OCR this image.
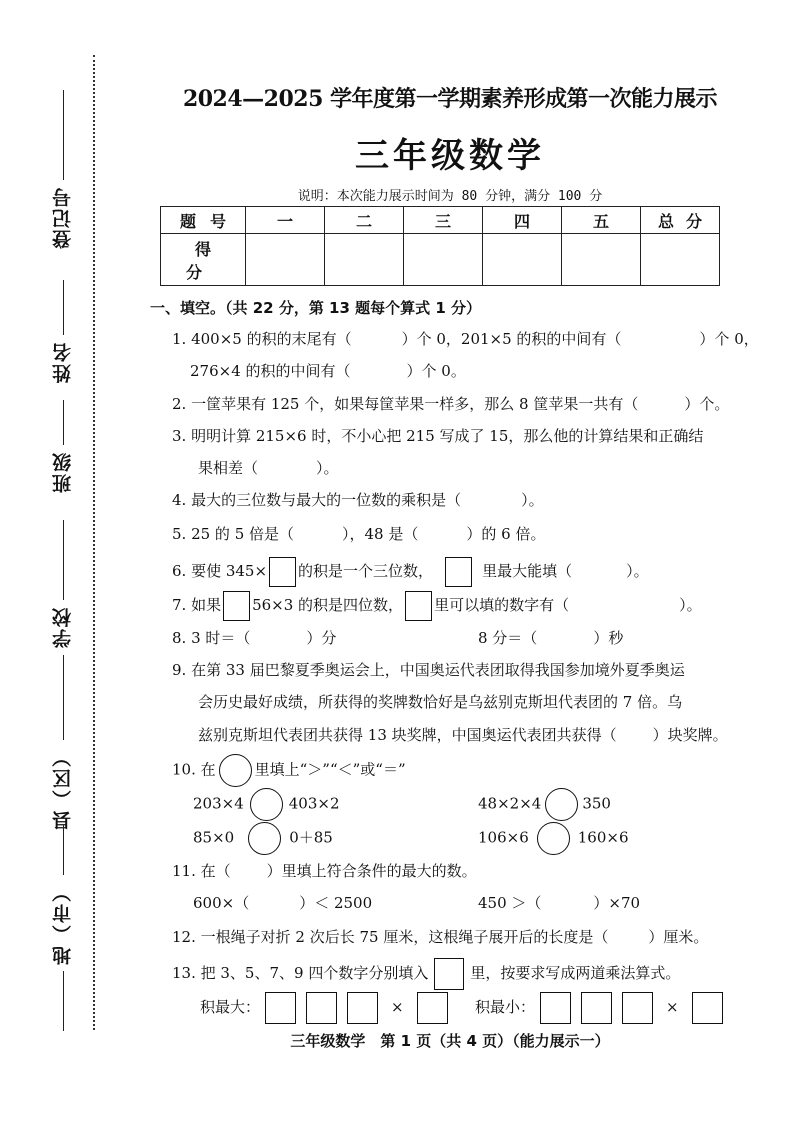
登记号
姓名
班级
学校
县（区）
地（市）
2024—2025 学年度第一学期素养形成第一次能力展示
三年级数学
说明：本次能力展示时间为 80 分钟，满分 100 分
题号	一	二	三	四	五	总分
得分						
一、填空。（共 22 分，第 13 题每个算式 1 分）
1. 400×5 的积的末尾有（	）个 0，201×5 的积的中间有（	）个 0，
276×4 的积的中间有（	）个 0。
2. 一筐苹果有 125 个，如果每筐苹果一样多，那么 8 筐苹果一共有（	）个。
3. 明明计算 215×6 时，不小心把 215 写成了 15，那么他的计算结果和正确结
果相差（	）。
4. 最大的三位数与最大的一位数的乘积是（	）。
5. 25 的 5 倍是（	），48 是（	）的 6 倍。
6. 要使 345× 的积是一个三位数，	里最大能填（	）。
7. 如果 56×3 的积是四位数， 里可以填的数字有（	）。
8. 3 时＝（	）分	8 分＝（	）秒
9. 在第 33 届巴黎夏季奥运会上，中国奥运代表团取得我国参加境外夏季奥运
会历史最好成绩，所获得的奖牌数恰好是乌兹别克斯坦代表团的 7 倍。乌
兹别克斯坦代表团共获得 13 块奖牌，中国奥运代表团共获得（ ）块奖牌。
10. 在	里填上“＞”“＜”或“＝”
203×4	403×2	48×2×4	350
85×0	0＋85	106×6	160×6
11. 在（ ）里填上符合条件的最大的数。
600×（	）＜ 2500	450 ＞（	）×70
12. 一根绳子对折 2 次后长 75 厘米，这根绳子展开后的长度是（	）厘米。
13. 把 3、5、7、9 四个数字分别填入	里，按要求写成两道乘法算式。
积最大：	×	积最小：	×
三年级数学　第 1 页（共 4 页）（能力展示一）
